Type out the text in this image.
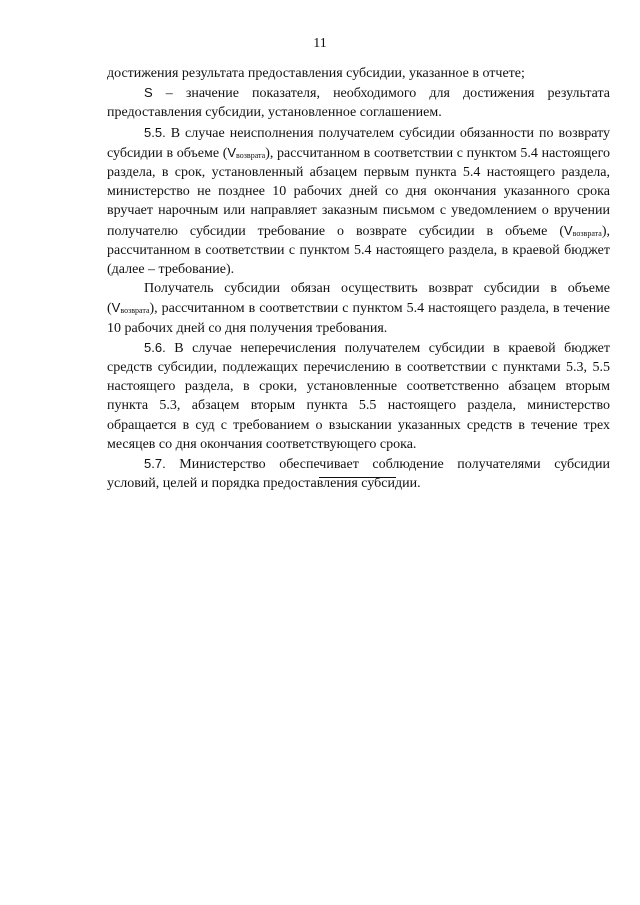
11

достижения результата предоставления субсидии, указанное в отчете;

S – значение показателя, необходимого для достижения результата предоставления субсидии, установленное соглашением.

5.5. В случае неисполнения получателем субсидии обязанности по возврату субсидии в объеме (Vвозврата), рассчитанном в соответствии с пунктом 5.4 настоящего раздела, в срок, установленный абзацем первым пункта 5.4 настоящего раздела, министерство не позднее 10 рабочих дней со дня окончания указанного срока вручает нарочным или направляет заказным письмом с уведомлением о вручении получателю субсидии требование о возврате субсидии в объеме (Vвозврата), рассчитанном в соответствии с пунктом 5.4 настоящего раздела, в краевой бюджет (далее – требование).

Получатель субсидии обязан осуществить возврат субсидии в объеме (Vвозврата), рассчитанном в соответствии с пунктом 5.4 настоящего раздела, в течение 10 рабочих дней со дня получения требования.

5.6. В случае неперечисления получателем субсидии в краевой бюджет средств субсидии, подлежащих перечислению в соответствии с пунктами 5.3, 5.5 настоящего раздела, в сроки, установленные соответственно абзацем вторым пункта 5.3, абзацем вторым пункта 5.5 настоящего раздела, министерство обращается в суд с требованием о взыскании указанных средств в течение трех месяцев со дня окончания соответствующего срока.

5.7. Министерство обеспечивает соблюдение получателями субсидии условий, целей и порядка предоставления субсидии.
